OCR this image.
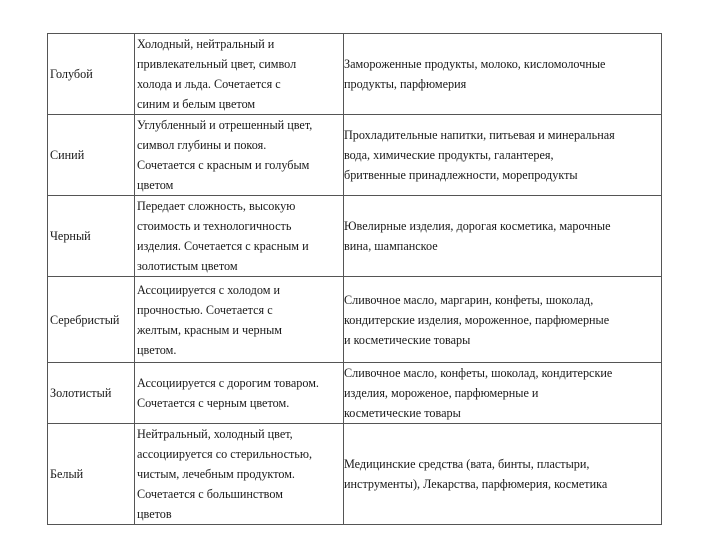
Голубой	Холодный, нейтральный и
привлекательный цвет, символ
холода и льда. Сочетается с
синим и белым цветом	Замороженные продукты, молоко, кисломолочные
продукты, парфюмерия

Синий	Углубленный и отрешенный цвет,
символ глубины и покоя.
Сочетается с красным и голубым
цветом	Прохладительные напитки, питьевая и минеральная
вода, химические продукты, галантерея,
бритвенные принадлежности, морепродукты

Черный	Передает сложность, высокую
стоимость и технологичность
изделия. Сочетается с красным и
золотистым цветом	Ювелирные изделия, дорогая косметика, марочные
вина, шампанское

Серебристый	Ассоциируется с холодом и
прочностью. Сочетается с
желтым, красным и черным
цветом.	Сливочное масло, маргарин, конфеты, шоколад,
кондитерские изделия, мороженное, парфюмерные
и косметические товары

Золотистый	Ассоциируется с дорогим товаром.
Сочетается с черным цветом.	Сливочное масло, конфеты, шоколад, кондитерские
изделия, мороженое, парфюмерные и
косметические товары

Белый	Нейтральный, холодный цвет,
ассоциируется со стерильностью,
чистым, лечебным продуктом.
Сочетается с большинством
цветов	Медицинские средства (вата, бинты, пластыри,
инструменты), Лекарства, парфюмерия, косметика
